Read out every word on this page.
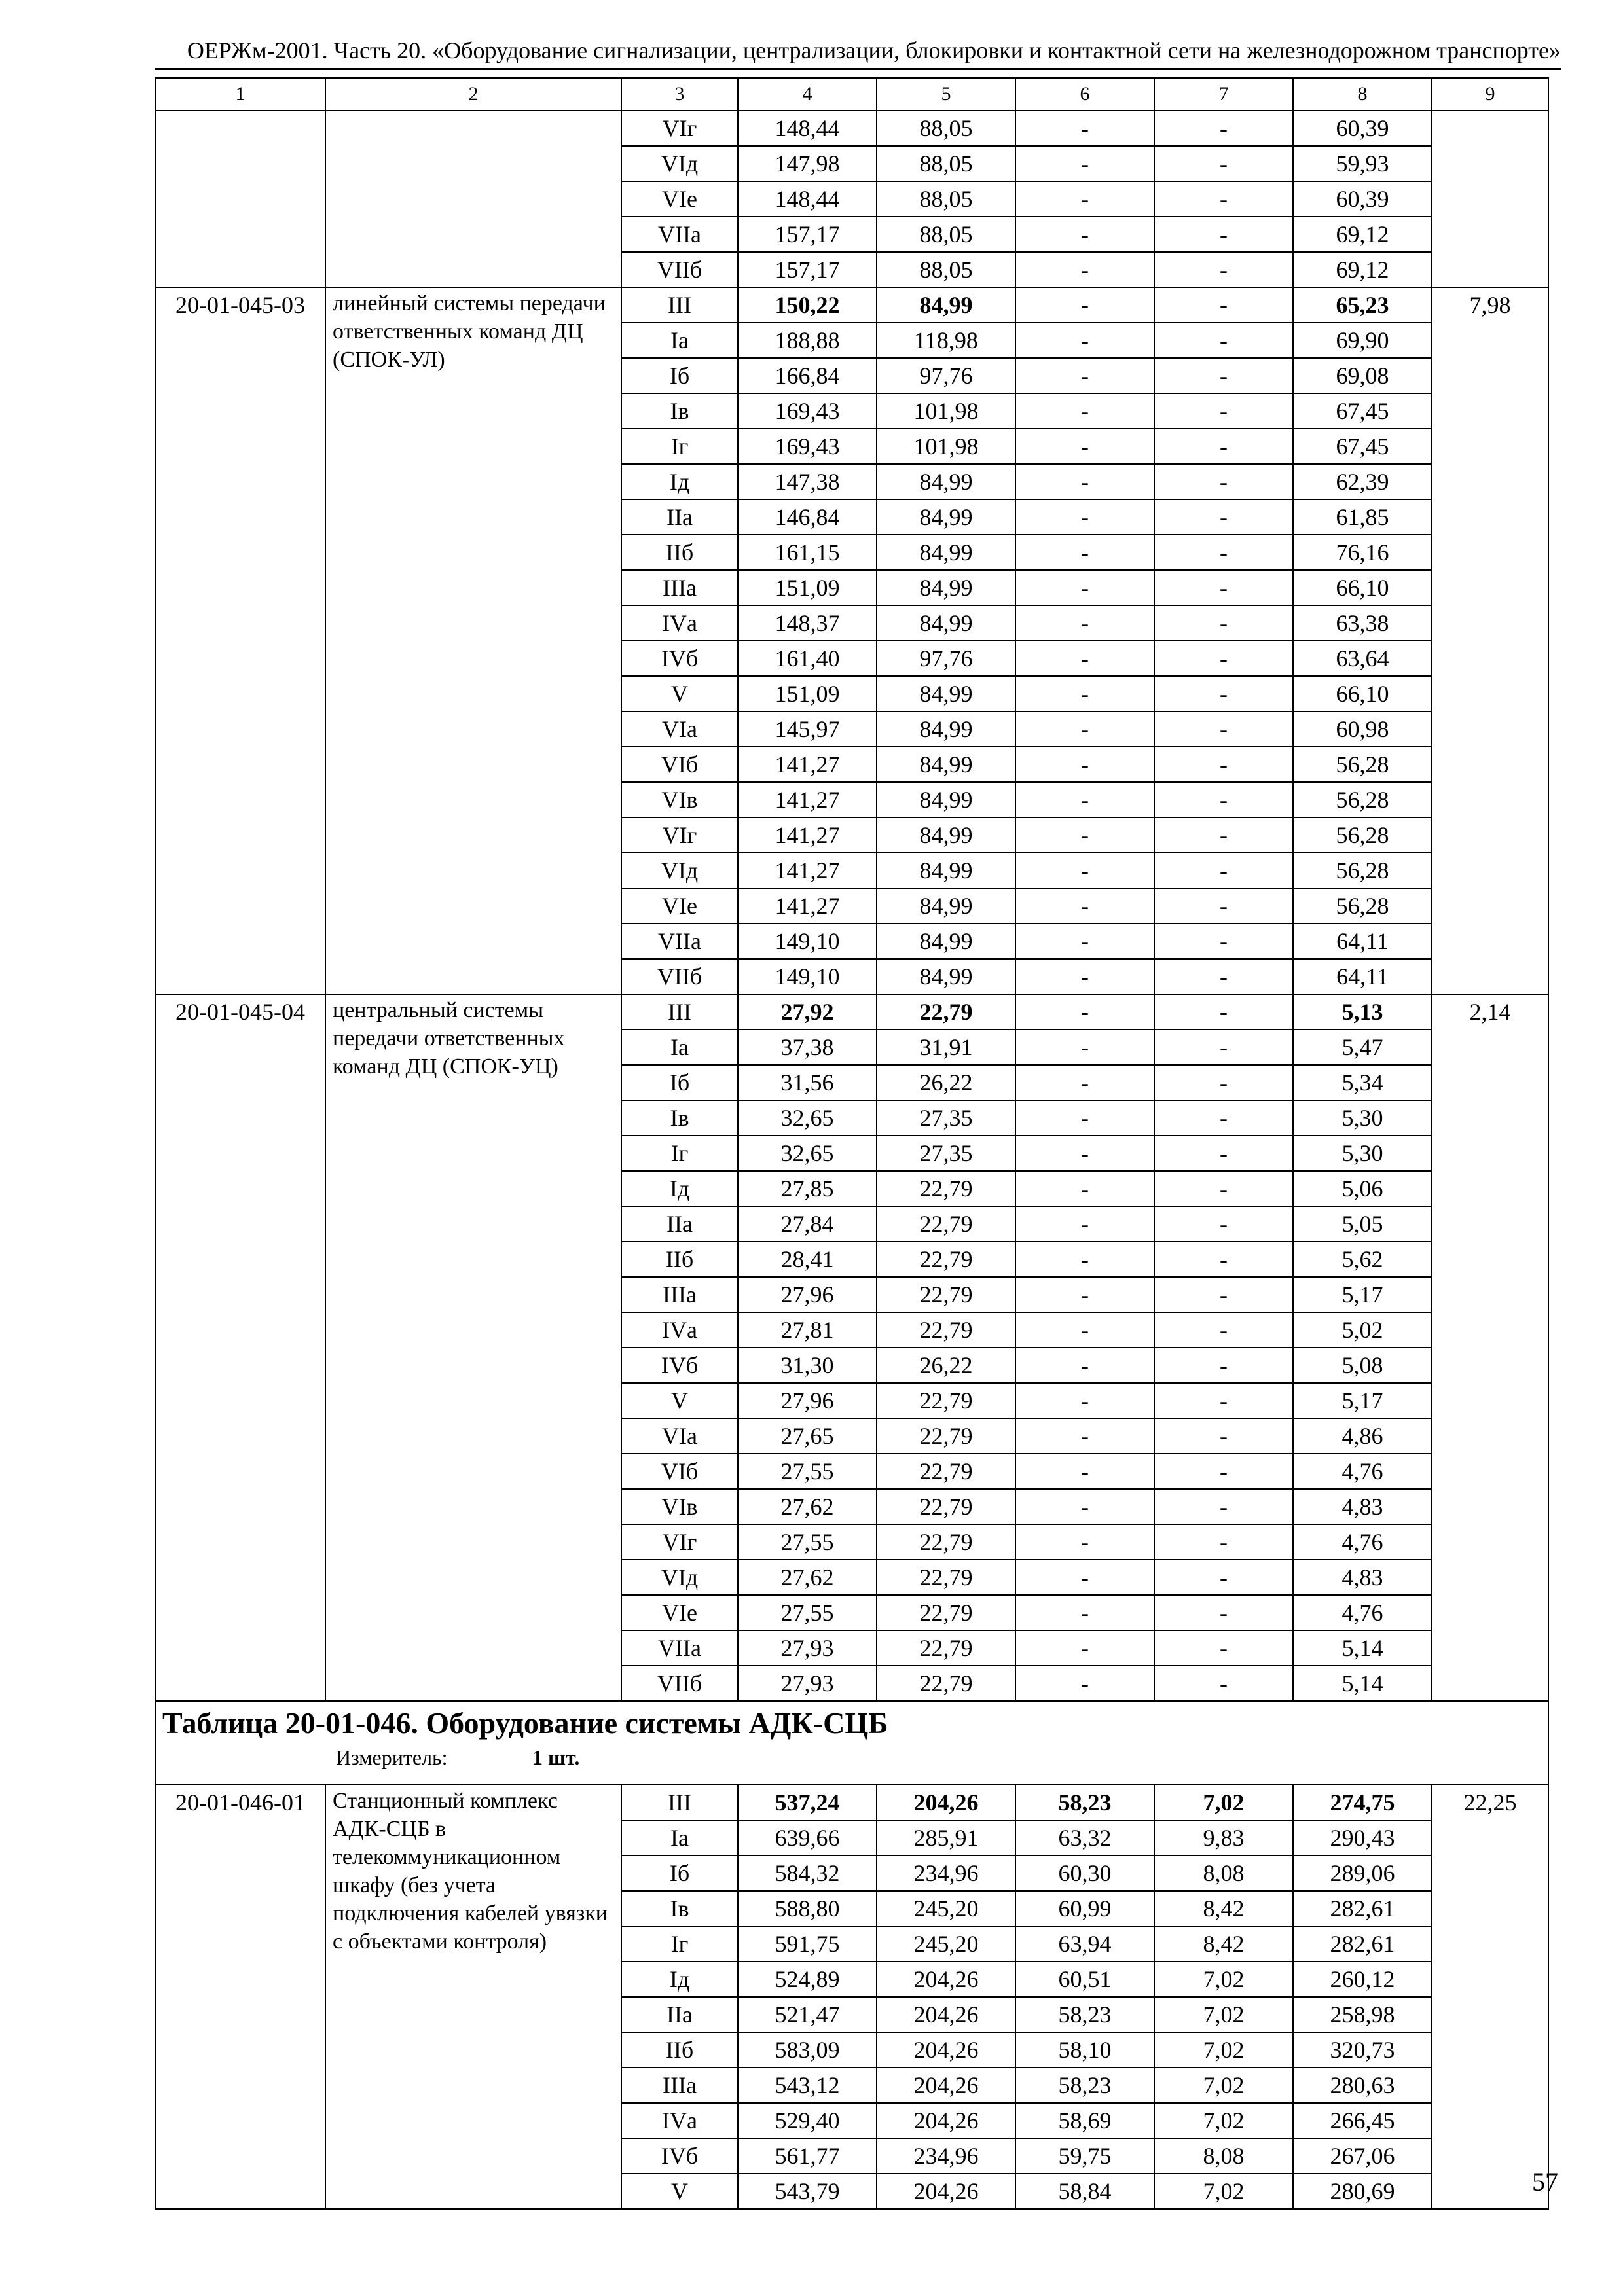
ОЕРЖм-2001. Часть 20. «Оборудование сигнализации, централизации, блокировки и контактной сети на железнодорожном транспорте»
1	2	3	4	5	6	7	8	9
		VIг	148,44	88,05	-	-	60,39	
		VIд	147,98	88,05	-	-	59,93	
		VIе	148,44	88,05	-	-	60,39	
		VIIа	157,17	88,05	-	-	69,12	
		VIIб	157,17	88,05	-	-	69,12	
20-01-045-03	линейный системы передачи ответственных команд ДЦ (СПОК-УЛ)	III	150,22	84,99	-	-	65,23	7,98
		Iа	188,88	118,98	-	-	69,90	
		Iб	166,84	97,76	-	-	69,08	
		Iв	169,43	101,98	-	-	67,45	
		Iг	169,43	101,98	-	-	67,45	
		Iд	147,38	84,99	-	-	62,39	
		IIа	146,84	84,99	-	-	61,85	
		IIб	161,15	84,99	-	-	76,16	
		IIIа	151,09	84,99	-	-	66,10	
		IVа	148,37	84,99	-	-	63,38	
		IVб	161,40	97,76	-	-	63,64	
		V	151,09	84,99	-	-	66,10	
		VIа	145,97	84,99	-	-	60,98	
		VIб	141,27	84,99	-	-	56,28	
		VIв	141,27	84,99	-	-	56,28	
		VIг	141,27	84,99	-	-	56,28	
		VIд	141,27	84,99	-	-	56,28	
		VIе	141,27	84,99	-	-	56,28	
		VIIа	149,10	84,99	-	-	64,11	
		VIIб	149,10	84,99	-	-	64,11	
20-01-045-04	центральный системы передачи ответственных команд ДЦ (СПОК-УЦ)	III	27,92	22,79	-	-	5,13	2,14
		Iа	37,38	31,91	-	-	5,47	
		Iб	31,56	26,22	-	-	5,34	
		Iв	32,65	27,35	-	-	5,30	
		Iг	32,65	27,35	-	-	5,30	
		Iд	27,85	22,79	-	-	5,06	
		IIа	27,84	22,79	-	-	5,05	
		IIб	28,41	22,79	-	-	5,62	
		IIIа	27,96	22,79	-	-	5,17	
		IVа	27,81	22,79	-	-	5,02	
		IVб	31,30	26,22	-	-	5,08	
		V	27,96	22,79	-	-	5,17	
		VIа	27,65	22,79	-	-	4,86	
		VIб	27,55	22,79	-	-	4,76	
		VIв	27,62	22,79	-	-	4,83	
		VIг	27,55	22,79	-	-	4,76	
		VIд	27,62	22,79	-	-	4,83	
		VIе	27,55	22,79	-	-	4,76	
		VIIа	27,93	22,79	-	-	5,14	
		VIIб	27,93	22,79	-	-	5,14	

Таблица 20-01-046. Оборудование системы АДК-СЦБ
Измеритель: 1 шт.								

20-01-046-01	Станционный комплекс АДК-СЦБ в телекоммуникационном шкафу (без учета подключения кабелей увязки с объектами контроля)	III	537,24	204,26	58,23	7,02	274,75	22,25
		Iа	639,66	285,91	63,32	9,83	290,43	
		Iб	584,32	234,96	60,30	8,08	289,06	
		Iв	588,80	245,20	60,99	8,42	282,61	
		Iг	591,75	245,20	63,94	8,42	282,61	
		Iд	524,89	204,26	60,51	7,02	260,12	
		IIа	521,47	204,26	58,23	7,02	258,98	
		IIб	583,09	204,26	58,10	7,02	320,73	
		IIIа	543,12	204,26	58,23	7,02	280,63	
		IVа	529,40	204,26	58,69	7,02	266,45	
		IVб	561,77	234,96	59,75	8,08	267,06	
		V	543,79	204,26	58,84	7,02	280,69		57
